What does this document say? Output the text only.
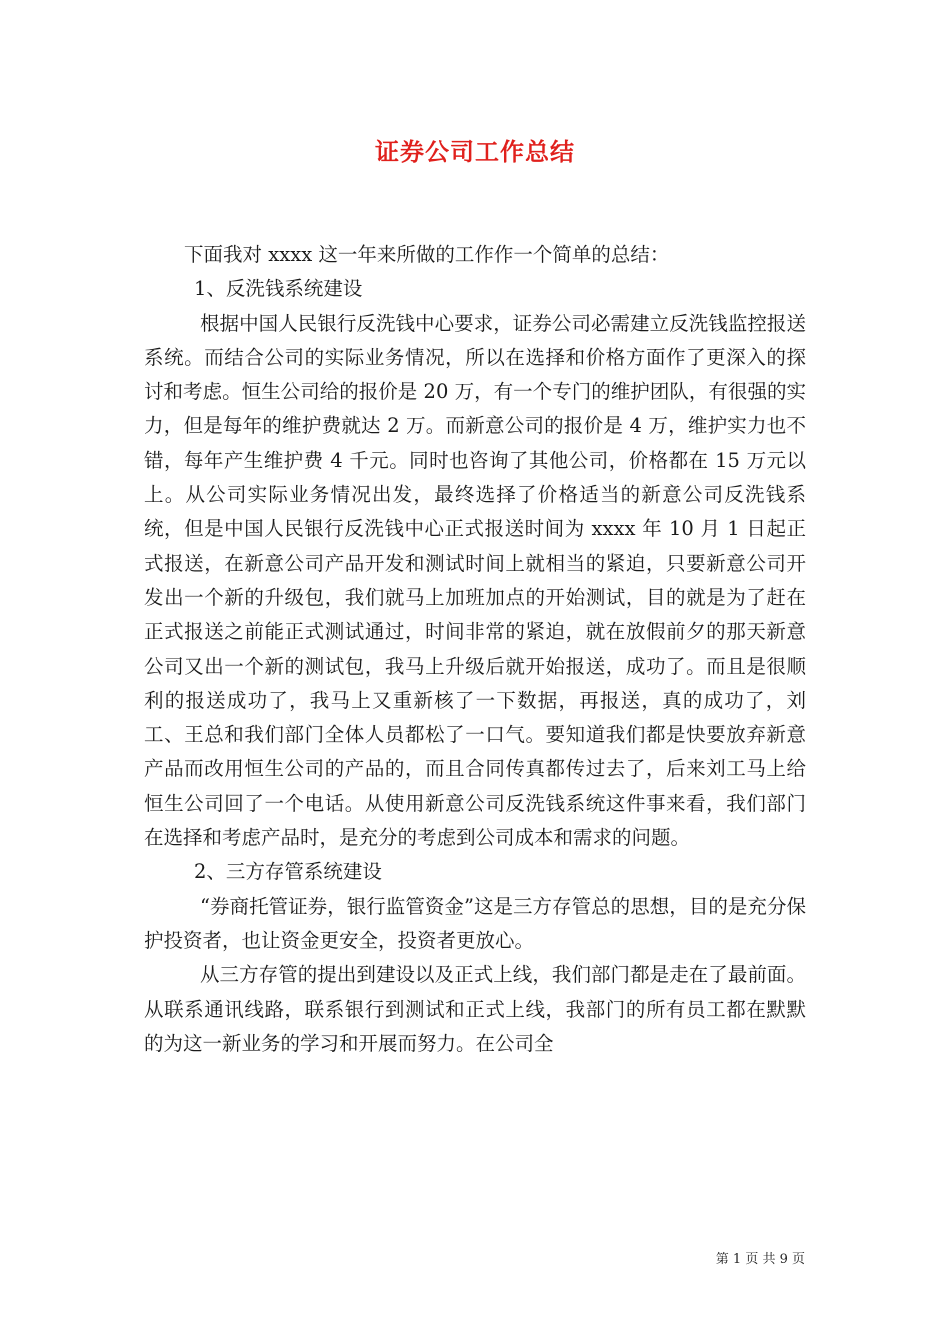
证券公司工作总结

下面我对 xxxx 这一年来所做的工作作一个简单的总结：

1、反洗钱系统建设

根据中国人民银行反洗钱中心要求，证券公司必需建立反洗钱监控报送系统。而结合公司的实际业务情况，所以在选择和价格方面作了更深入的探讨和考虑。恒生公司给的报价是 20 万，有一个专门的维护团队，有很强的实力，但是每年的维护费就达 2 万。而新意公司的报价是 4 万，维护实力也不错，每年产生维护费 4 千元。同时也咨询了其他公司，价格都在 15 万元以上。从公司实际业务情况出发，最终选择了价格适当的新意公司反洗钱系统，但是中国人民银行反洗钱中心正式报送时间为 xxxx 年 10 月 1 日起正式报送，在新意公司产品开发和测试时间上就相当的紧迫，只要新意公司开发出一个新的升级包，我们就马上加班加点的开始测试，目的就是为了赶在正式报送之前能正式测试通过，时间非常的紧迫，就在放假前夕的那天新意公司又出一个新的测试包，我马上升级后就开始报送，成功了。而且是很顺利的报送成功了，我马上又重新核了一下数据，再报送，真的成功了，刘工、王总和我们部门全体人员都松了一口气。要知道我们都是快要放弃新意产品而改用恒生公司的产品的，而且合同传真都传过去了，后来刘工马上给恒生公司回了一个电话。从使用新意公司反洗钱系统这件事来看，我们部门在选择和考虑产品时，是充分的考虑到公司成本和需求的问题。

2、三方存管系统建设

“券商托管证券，银行监管资金”这是三方存管总的思想，目的是充分保护投资者，也让资金更安全，投资者更放心。

从三方存管的提出到建设以及正式上线，我们部门都是走在了最前面。从联系通讯线路，联系银行到测试和正式上线，我部门的所有员工都在默默的为这一新业务的学习和开展而努力。在公司全

第 1 页 共 9 页
